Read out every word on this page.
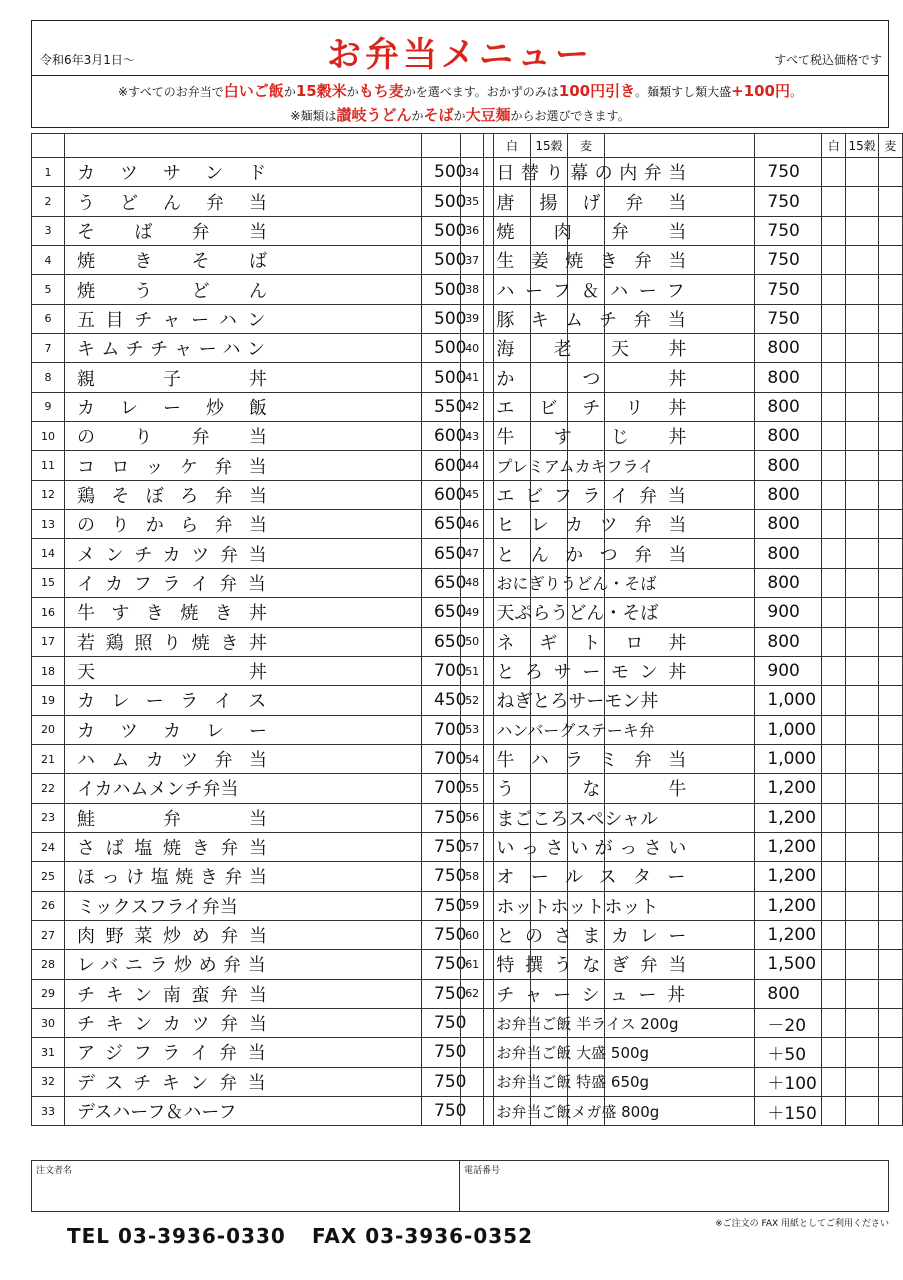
令和6年3月1日～	お弁当メニュー	すべて税込価格です
※すべてのお弁当で白いご飯か15穀米かもち麦かを選べます。おかずのみは100円引き。麺類すし類大盛+100円。
※麺類は讃岐うどんかそばか大豆麺からお選びできます。
			白	15穀	麦
1	カツサンド	500			
2	うどん弁当	500			
3	そば弁当	500			
4	焼きそば	500			
5	焼うどん	500			
6	五目チャーハン	500			
7	キムチチャーハン	500			
8	親子丼	500			
9	カレー炒飯	550			
10	のり弁当	600			
11	コロッケ弁当	600			
12	鶏そぼろ弁当	600			
13	のりから弁当	650			
14	メンチカツ弁当	650			
15	イカフライ弁当	650			
16	牛すき焼き丼	650			
17	若鶏照り焼き丼	650			
18	天丼	700			
19	カレーライス	450			
20	カツカレー	700			
21	ハムカツ弁当	700			
22	イカハムメンチ弁当	700			
23	鮭弁当	750			
24	さば塩焼き弁当	750			
25	ほっけ塩焼き弁当	750			
26	ミックスフライ弁当	750			
27	肉野菜炒め弁当	750			
28	レバニラ炒め弁当	750			
29	チキン南蛮弁当	750			
30	チキンカツ弁当	750			
31	アジフライ弁当	750			
32	デスチキン弁当	750			
33	デスハーフ＆ハーフ	750			
			白	15穀	麦
34	日替り幕の内弁当	750			
35	唐揚げ弁当	750			
36	焼肉弁当	750			
37	生姜焼き弁当	750			
38	ハーフ＆ハーフ	750			
39	豚キムチ弁当	750			
40	海老天丼	800			
41	かつ丼	800			
42	エビチリ丼	800			
43	牛すじ丼	800			
44	プレミアムカキフライ	800			
45	エビフライ弁当	800			
46	ヒレカツ弁当	800			
47	とんかつ弁当	800			
48	おにぎりうどん・そば	800			
49	天ぷらうどん・そば	900			
50	ネギトロ丼	800			
51	とろサーモン丼	900			
52	ねぎとろサーモン丼	1,000			
53	ハンバーグステーキ弁	1,000			
54	牛ハラミ弁当	1,000			
55	うな牛	1,200			
56	まごころスペシャル	1,200			
57	いっさいがっさい	1,200			
58	オールスター	1,200			
59	ホットホットホット	1,200			
60	とのさまカレー	1,200			
61	特撰うなぎ弁当	1,500			
62	チャーシュー丼	800			
	お弁当ご飯 半ライス 200g	－20			
	お弁当ご飯 大盛 500g	＋50			
	お弁当ご飯 特盛 650g	＋100			
	お弁当ご飯メガ盛 800g	＋150			
注文者名	電話番号
※ご注文の FAX 用紙としてご利用ください
TEL 03-3936-0330 FAX 03-3936-0352
